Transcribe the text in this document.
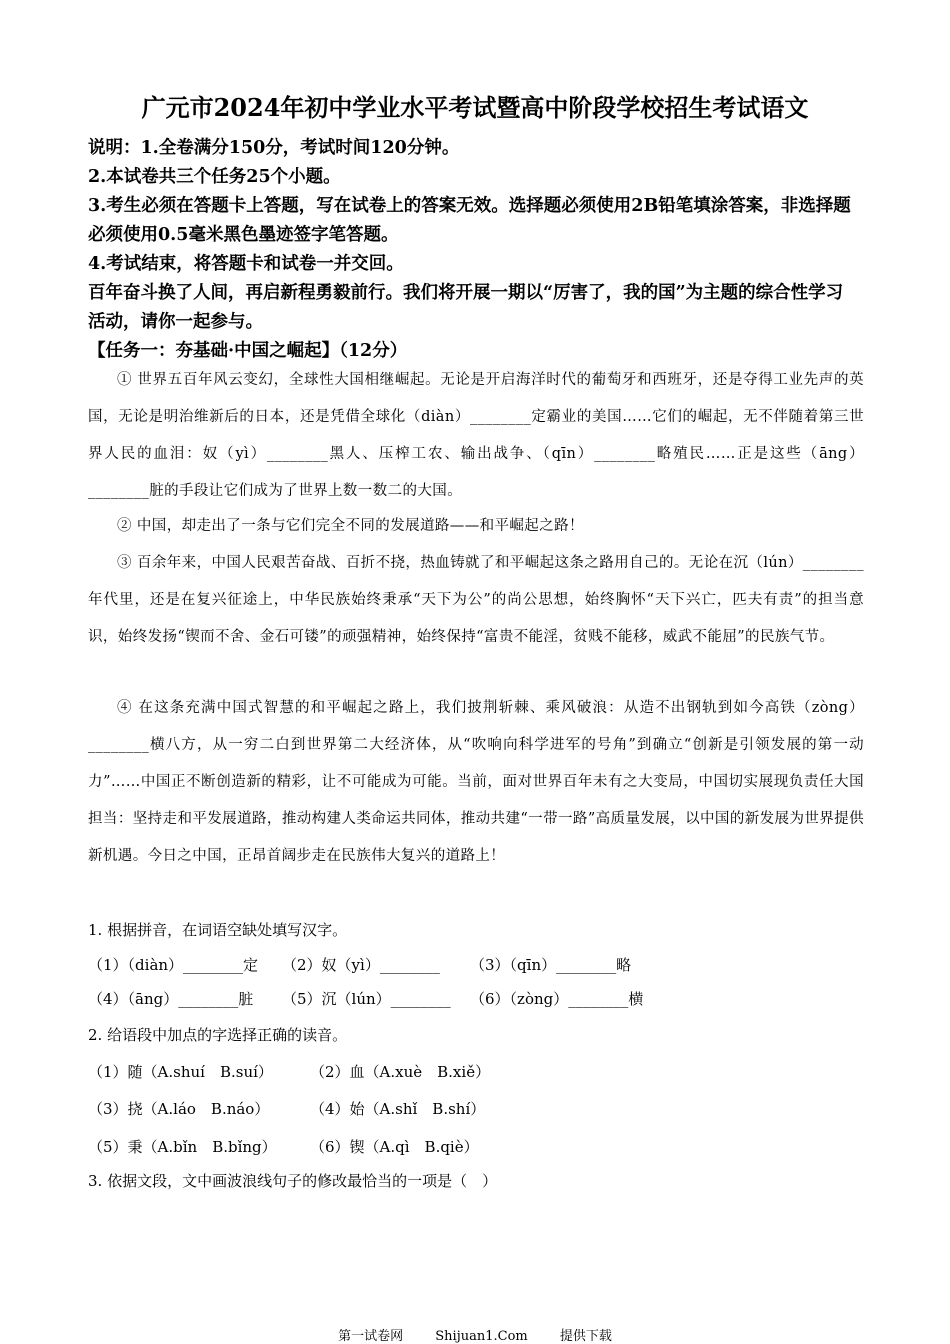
广元市2024年初中学业水平考试暨高中阶段学校招生考试语文
说明：1.全卷满分150分，考试时间120分钟。
2.本试卷共三个任务25个小题。
3.考生必须在答题卡上答题，写在试卷上的答案无效。选择题必须使用2B铅笔填涂答案，非选择题必须使用0.5毫米黑色墨迹签字笔答题。
4.考试结束，将答题卡和试卷一并交回。
百年奋斗换了人间，再启新程勇毅前行。我们将开展一期以“厉害了，我的国”为主题的综合性学习活动，请你一起参与。
【任务一：夯基础·中国之崛起】（12分）
① 世界五百年风云变幻，全球性大国相继崛起。无论是开启海洋时代的葡萄牙和西班牙，还是夺得工业先声的英国，无论是明治维新后的日本，还是凭借全球化（diàn）________定霸业的美国……它们的崛起，无不伴随着第三世界人民的血泪：奴（yì）________黑人、压榨工农、输出战争、（qīn）________略殖民……正是这些（āng）________脏的手段让它们成为了世界上数一数二的大国。
② 中国，却走出了一条与它们完全不同的发展道路——和平崛起之路！
③ 百余年来，中国人民艰苦奋战、百折不挠，热血铸就了和平崛起这条之路用自己的。无论在沉（lún）________年代里，还是在复兴征途上，中华民族始终秉承“天下为公”的尚公思想，始终胸怀“天下兴亡，匹夫有责”的担当意识，始终发扬“锲而不舍、金石可镂”的顽强精神，始终保持“富贵不能淫，贫贱不能移，威武不能屈”的民族气节。
④ 在这条充满中国式智慧的和平崛起之路上，我们披荆斩棘、乘风破浪：从造不出钢轨到如今高铁（zòng）________横八方，从一穷二白到世界第二大经济体，从“吹响向科学进军的号角”到确立“创新是引领发展的第一动力”……中国正不断创造新的精彩，让不可能成为可能。当前，面对世界百年未有之大变局，中国切实展现负责任大国担当：坚持走和平发展道路，推动构建人类命运共同体，推动共建“一带一路”高质量发展，以中国的新发展为世界提供新机遇。今日之中国，正昂首阔步走在民族伟大复兴的道路上！
1. 根据拼音，在词语空缺处填写汉字。
（1）（diàn）________定 （2）奴（yì）________ （3）（qīn）________略
（4）（āng）________脏 （5）沉（lún）________ （6）（zòng）________横
2. 给语段中加点的字选择正确的读音。
（1）随（A.shuí　B.suí） （2）血（A.xuè　B.xiě）
（3）挠（A.láo　B.náo）	（4）始（A.shǐ　B.shí）
（5）秉（A.bǐn　B.bǐng） （6）锲（A.qì　B.qiè）
3. 依据文段，文中画波浪线句子的修改最恰当的一项是（　）
第一试卷网 Shijuan1.Com 提供下载
